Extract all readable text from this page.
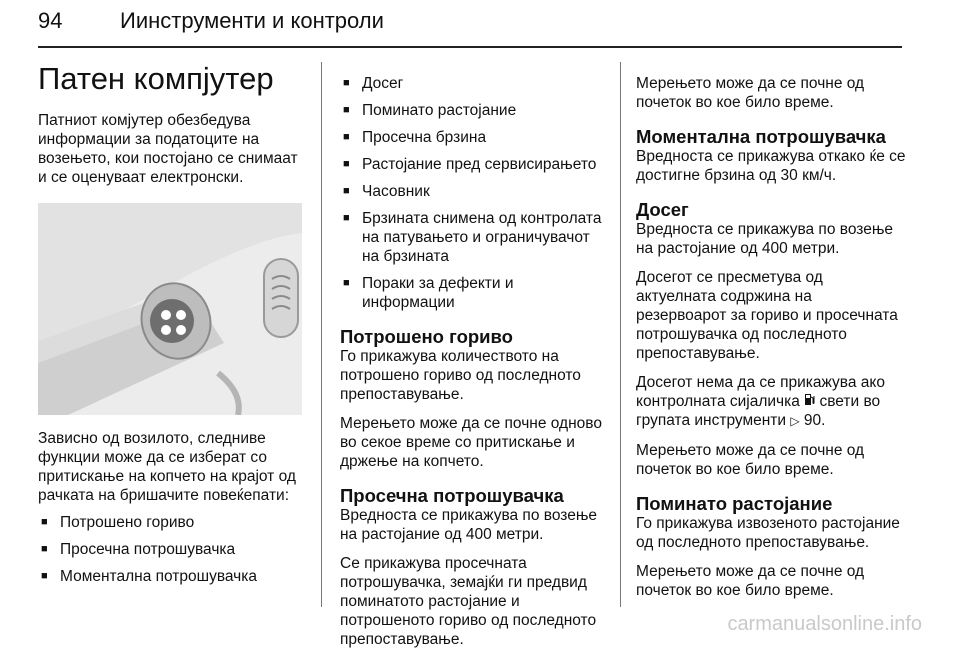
94	Иинструменти и контроли
Патен компјутер

Патниот комјутер обезбедува информации за податоците на возењето, кои постојано се снимаат и се оценуваат електронски.

Зависно од возилото, следниве функции може да се изберат со притискање на копчето на крајот од рачката на бришачите повеќепати:

■ Потрошено гориво
■ Просечна потрошувачка
■ Моментална потрошувачка
■ Досег
■ Поминато растојание
■ Просечна брзина
■ Растојание пред сервисирањето
■ Часовник
■ Брзината снимена од контролата на патувањето и ограничувачот на брзината
■ Пораки за дефекти и информации
Потрошено гориво

Го прикажува количеството на потрошено гориво од последното препоставување.

Мерењето може да се почне одново во секое време со притискање и држење на копчето.

Просечна потрошувачка

Вредноста се прикажува по возење на растојание од 400 метри.

Се прикажува просечната потрошувачка, земајќи ги предвид поминатото растојание и потрошеното гориво од последното препоставување.

Мерењето може да се почне од почеток во кое било време.

Моментална потрошувачка

Вредноста се прикажува откако ќе се достигне брзина од 30 км/ч.

Досег

Вредноста се прикажува по возење на растојание од 400 метри.

Досегот се пресметува од актуелната содржина на резервоарот за гориво и просечната потрошувачка од последното препоставување.

Досегот нема да се прикажува ако контролната сијаличка свети во групата инструменти ▷ 90.

Мерењето може да се почне од почеток во кое било време.

Поминато растојание

Го прикажува извозеното растојание од последното препоставување.

Мерењето може да се почне од почеток во кое било време.

carmanualsonline.info
